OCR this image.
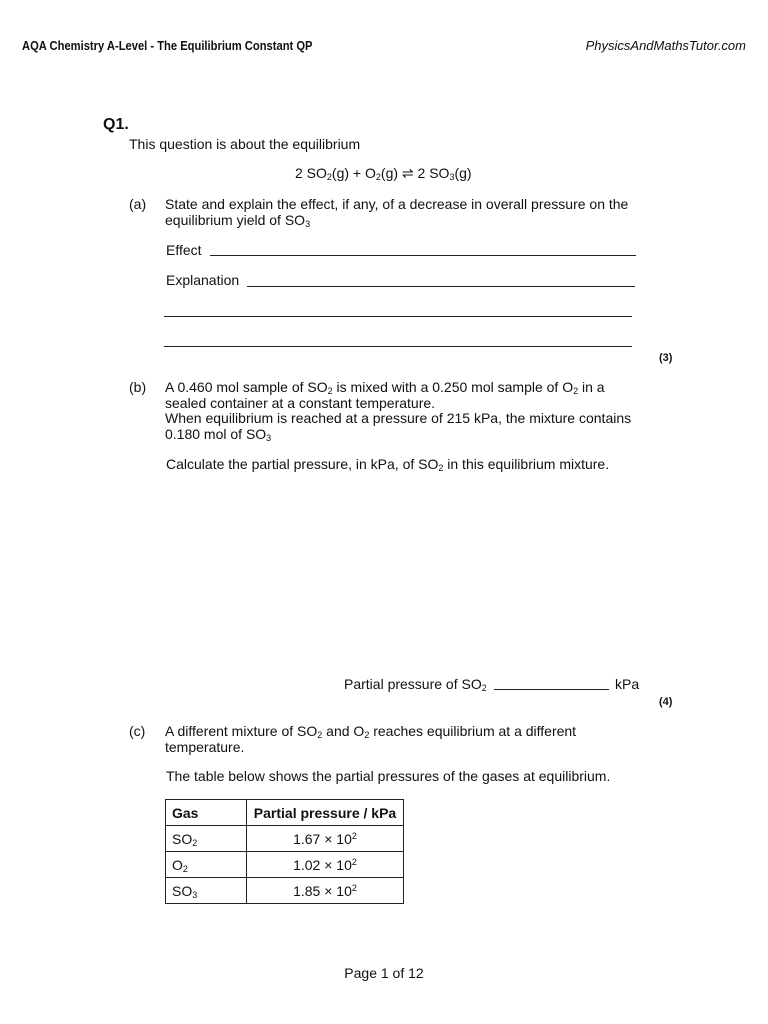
AQA Chemistry A-Level - The Equilibrium Constant QP	PhysicsAndMathsTutor.com
Q1.
This question is about the equilibrium
2 SO2(g) + O2(g) ⇌ 2 SO3(g)
(a) State and explain the effect, if any, of a decrease in overall pressure on the
equilibrium yield of SO3
Effect
Explanation
(3)
(b) A 0.460 mol sample of SO2 is mixed with a 0.250 mol sample of O2 in a
sealed container at a constant temperature.
When equilibrium is reached at a pressure of 215 kPa, the mixture contains
0.180 mol of SO3
Calculate the partial pressure, in kPa, of SO2 in this equilibrium mixture.
Partial pressure of SO2	kPa
(4)
(c) A different mixture of SO2 and O2 reaches equilibrium at a different
temperature.
The table below shows the partial pressures of the gases at equilibrium.
Gas	Partial pressure / kPa
SO2	$1.67 \times 10^2$
O2	$1.02 \times 10^2$
SO3	$1.85 \times 10^2$
Page 1 of 12
